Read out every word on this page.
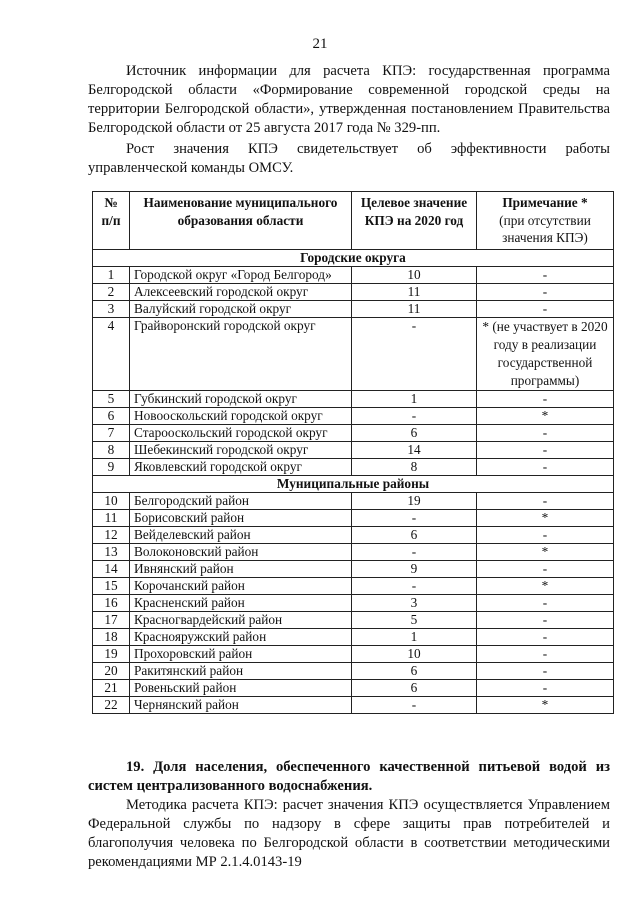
21

Источник информации для расчета КПЭ: государственная программа Белгородской области «Формирование современной городской среды на территории Белгородской области», утвержденная постановлением Правительства Белгородской области от 25 августа 2017 года № 329-пп.

Рост значения КПЭ свидетельствует об эффективности работы управленческой команды ОМСУ.

№ п/п	Наименование муниципального образования области	Целевое значение КПЭ на 2020 год	Примечание *
(при отсутствии значения КПЭ)

Городские округа			
1	Городской округ «Город Белгород»	10	-
2	Алексеевский городской округ	11	-
3	Валуйский городской округ	11	-
4	Грайворонский городской округ	-	* (не участвует в 2020 году в реализации государственной программы)
5	Губкинский городской округ	1	-
6	Новооскольский городской округ	-	*
7	Старооскольский городской округ	6	-
8	Шебекинский городской округ	14	-
9	Яковлевский городской округ	8	-
Муниципальные районы			
10	Белгородский район	19	-
11	Борисовский район	-	*
12	Вейделевский район	6	-
13	Волоконовский район	-	*
14	Ивнянский район	9	-
15	Корочанский район	-	*
16	Красненский район	3	-
17	Красногвардейский район	5	-
18	Краснояружский район	1	-
19	Прохоровский район	10	-
20	Ракитянский район	6	-
21	Ровеньский район	6	-
22	Чернянский район	-	*

19. Доля населения, обеспеченного качественной питьевой водой из систем централизованного водоснабжения.

Методика расчета КПЭ: расчет значения КПЭ осуществляется Управлением Федеральной службы по надзору в сфере защиты прав потребителей и благополучия человека по Белгородской области в соответствии методическими рекомендациями МР 2.1.4.0143-19
